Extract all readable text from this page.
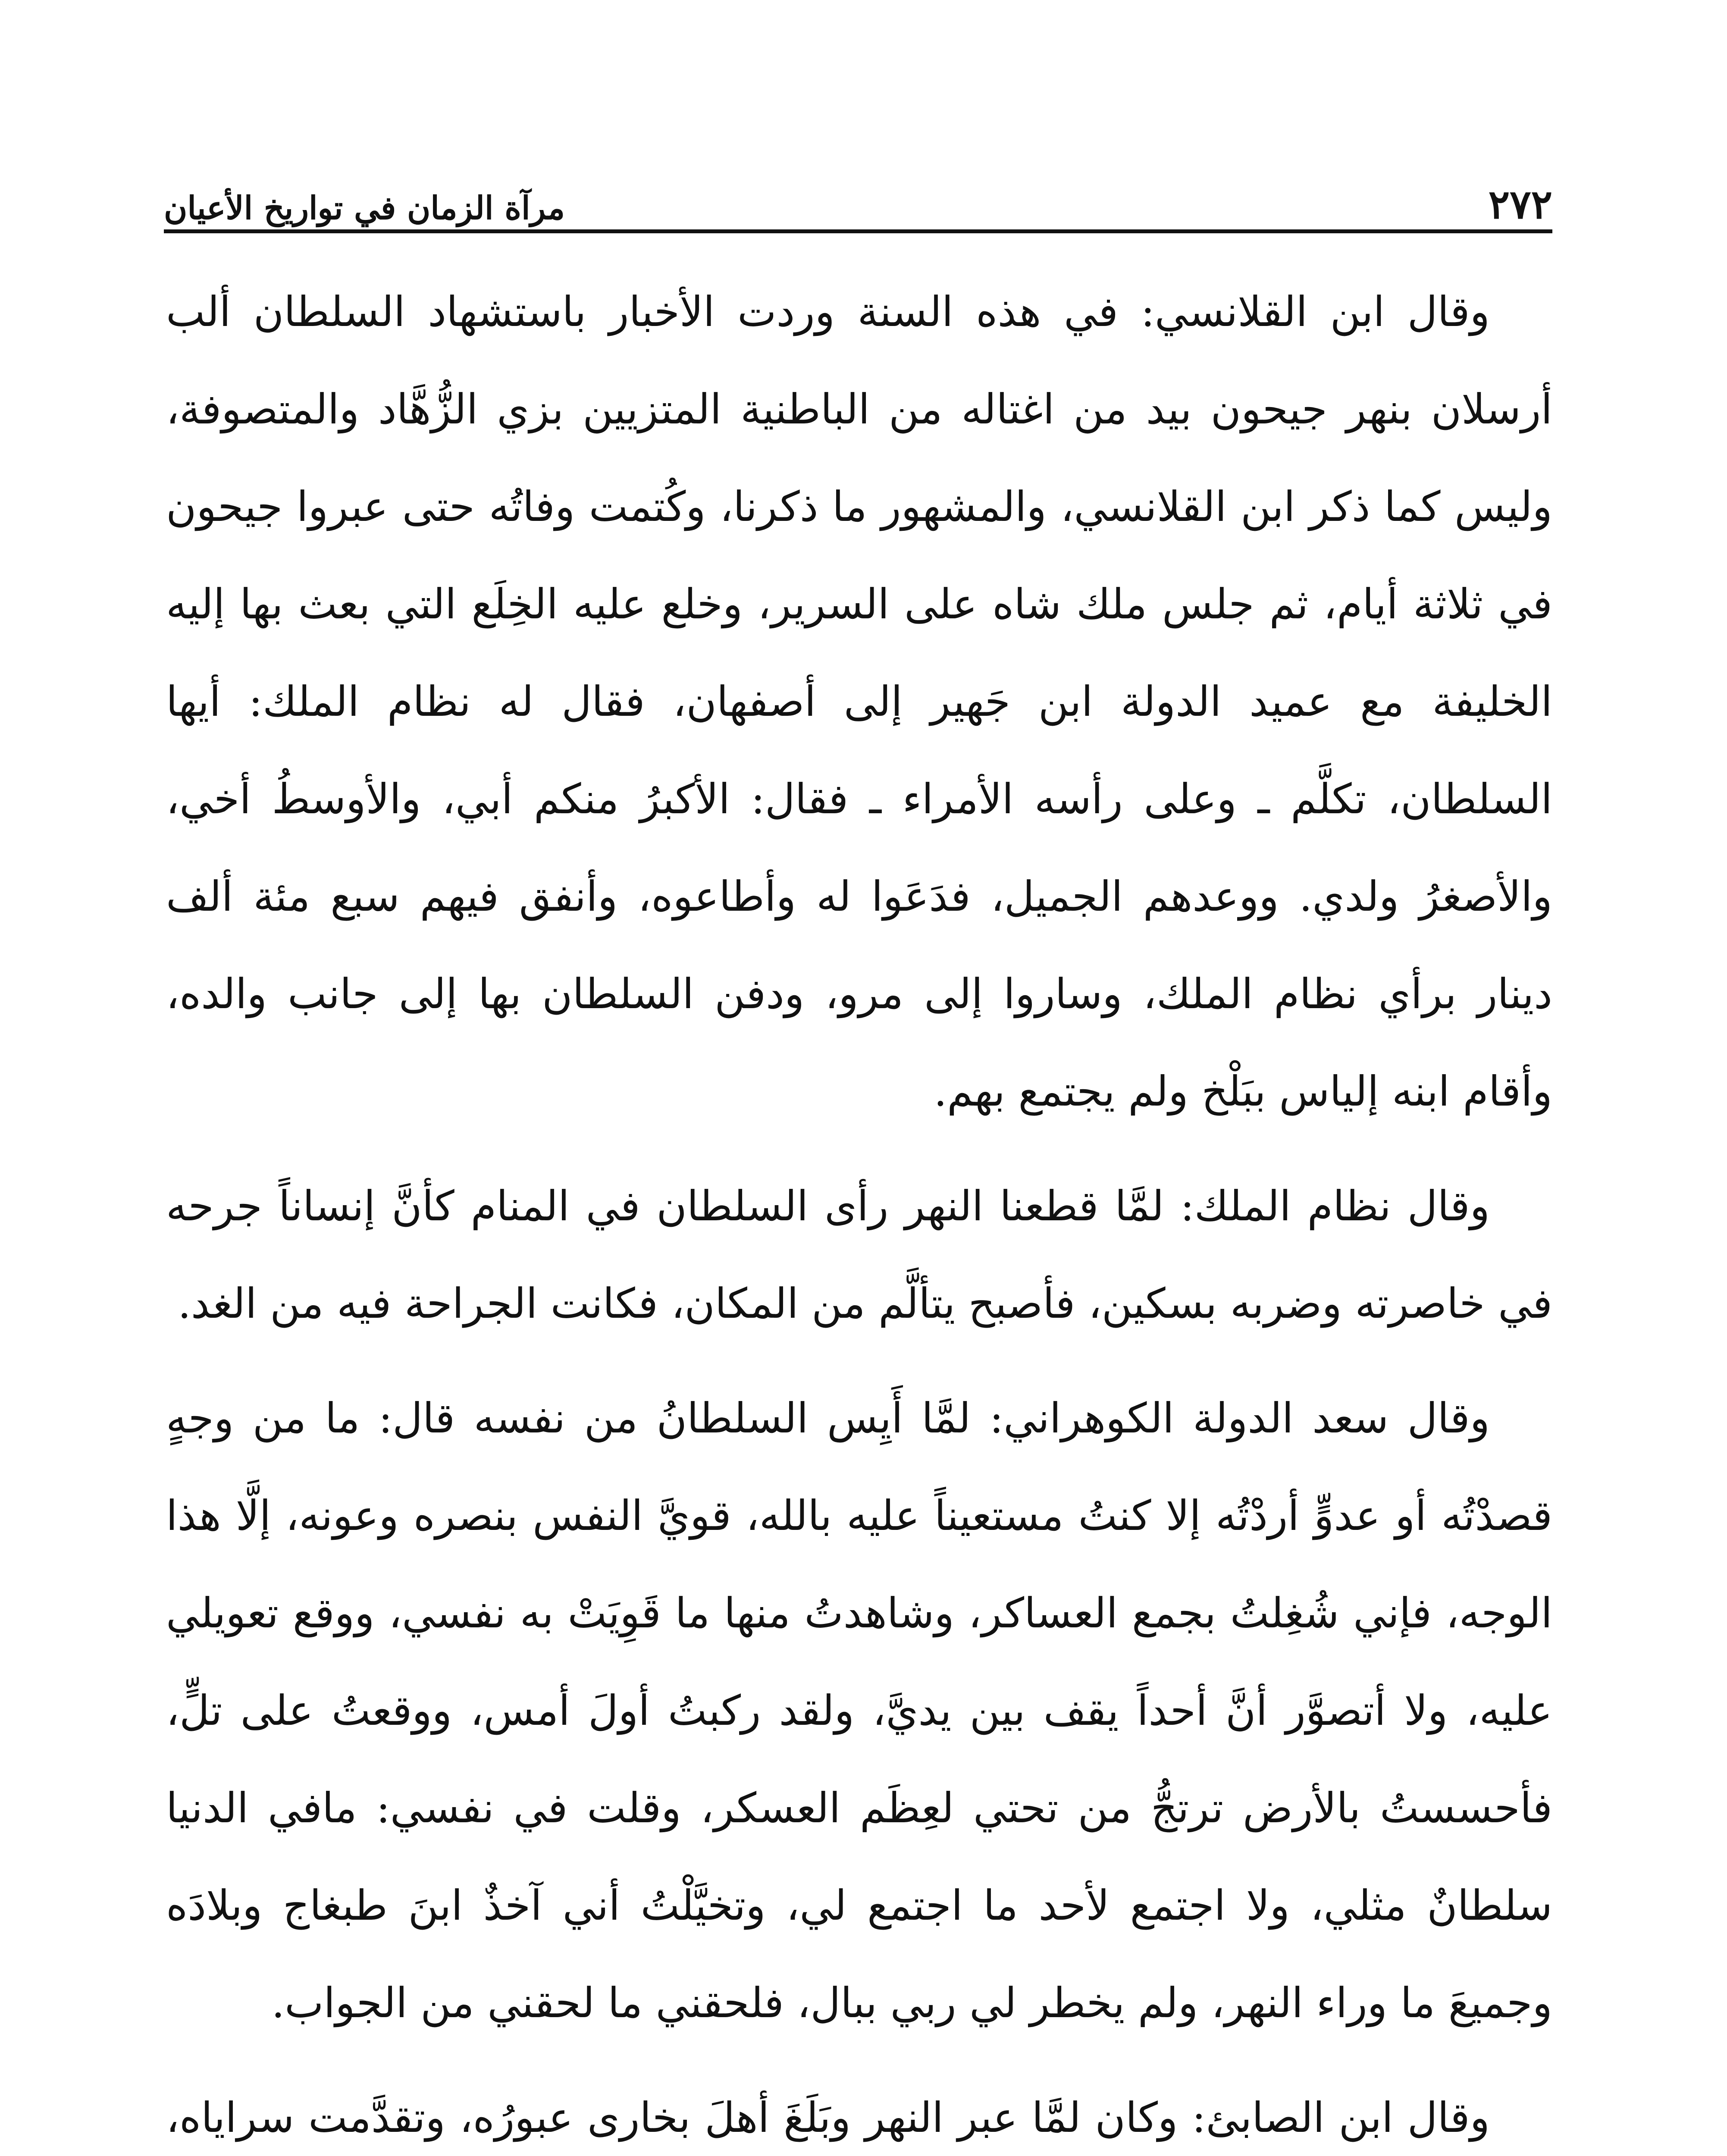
٢٧٢
مرآة الزمان في تواريخ الأعيان

وقال ابن القلانسي: في هذه السنة وردت الأخبار باستشهاد السلطان ألب أرسلان بنهر جيحون بيد من اغتاله من الباطنية المتزيين بزي الزُّهَّاد والمتصوفة، وليس كما ذكر ابن القلانسي، والمشهور ما ذكرنا، وكُتمت وفاتُه حتى عبروا جيحون في ثلاثة أيام، ثم جلس ملك شاه على السرير، وخلع عليه الخِلَع التي بعث بها إليه الخليفة مع عميد الدولة ابن جَهير إلى أصفهان، فقال له نظام الملك: أيها السلطان، تكلَّم ـ وعلى رأسه الأمراء ـ فقال: الأكبرُ منكم أبي، والأوسطُ أخي، والأصغرُ ولدي. ووعدهم الجميل، فدَعَوا له وأطاعوه، وأنفق فيهم سبع مئة ألف دينار برأي نظام الملك، وساروا إلى مرو، ودفن السلطان بها إلى جانب والده، وأقام ابنه إلياس ببَلْخ ولم يجتمع بهم.

وقال نظام الملك: لمَّا قطعنا النهر رأى السلطان في المنام كأنَّ إنساناً جرحه في خاصرته وضربه بسكين، فأصبح يتألَّم من المكان، فكانت الجراحة فيه من الغد.

وقال سعد الدولة الكوهراني: لمَّا أَيِس السلطانُ من نفسه قال: ما من وجهٍ قصدْتُه أو عدوٍّ أردْتُه إلا كنتُ مستعيناً عليه بالله، قويَّ النفس بنصره وعونه، إلَّا هذا الوجه، فإني شُغِلتُ بجمع العساكر، وشاهدتُ منها ما قَوِيَتْ به نفسي، ووقع تعويلي عليه، ولا أتصوَّر أنَّ أحداً يقف بين يديَّ، ولقد ركبتُ أولَ أمس، ووقعتُ على تلٍّ، فأحسستُ بالأرض ترتجُّ من تحتي لعِظَم العسكر، وقلت في نفسي: مافي الدنيا سلطانٌ مثلي، ولا اجتمع لأحد ما اجتمع لي، وتخيَّلْتُ أني آخذٌ ابنَ طبغاج وبلادَه وجميعَ ما وراء النهر، ولم يخطر لي ربي ببال، فلحقني ما لحقني من الجواب.

وقال ابن الصابئ: وكان لمَّا عبر النهر وبَلَغَ أهلَ بخارى عبورُه، وتقدَّمت سراياه،
